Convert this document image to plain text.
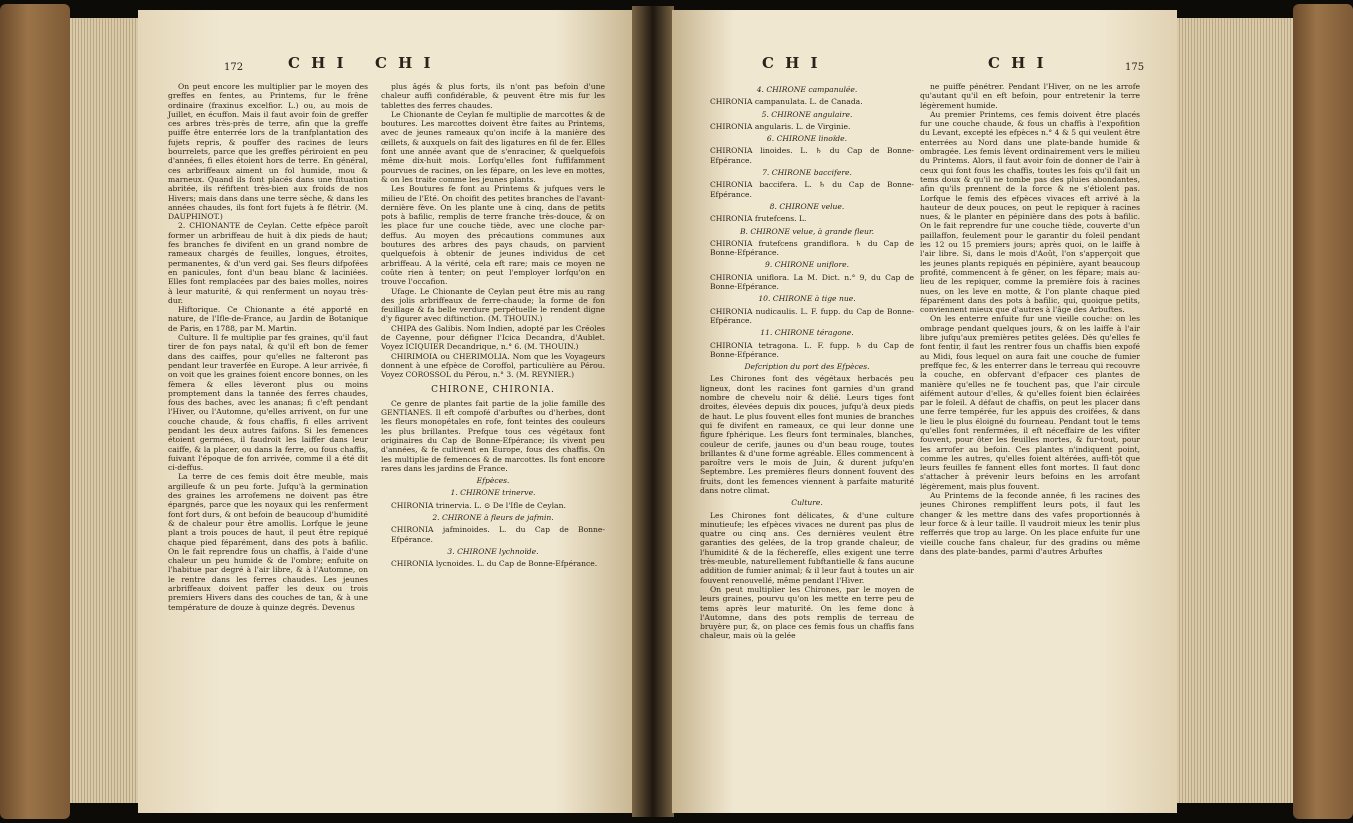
172	C H I

On peut encore les multiplier par le moyen des greffes en fentes, au Printems, fur le frêne ordinaire (fraxinus excelfior. L.) ou, au mois de Juillet, en écuffon. Mais il faut avoir foin de greffer ces arbres très-près de terre, afin que la greffe puiffe être enterrée lors de la tranfplantation des fujets repris, & pouffer des racines de leurs bourrelets, parce que les greffes périroient en peu d'années, fi elles étoient hors de terre. En général, ces arbriffeaux aiment un fol humide, mou & marneux. Quand ils font placés dans une fituation abritée, ils réfiftent très-bien aux froids de nos Hivers; mais dans dans une terre sèche, & dans les années chaudes, ils font fort fujets à fe flétrir. (M. DAUPHINOT.)

2. CHIONANTE de Ceylan. Cette efpèce paroît former un arbriffeau de huit à dix pieds de haut; fes branches fe divifent en un grand nombre de rameaux chargés de feuilles, longues, étroites, permanentes, & d'un verd gai. Ses fleurs difpofées en panicules, font d'un beau blanc & laciniées. Elles font remplacées par des baies molles, noires à leur maturité, & qui renferment un noyau très-dur.

Hiftorique. Ce Chionante a été apporté en nature, de l'Ifle-de-France, au Jardin de Botanique de Paris, en 1788, par M. Martin.

Culture. Il fe multiplie par fes graines, qu'il faut tirer de fon pays natal, & qu'il eft bon de femer dans des caiffes, pour qu'elles ne falteront pas pendant leur traverfée en Europe. A leur arrivée, fi on voit que les graines foient encore bonnes, on les fèmera & elles lèveront plus ou moins promptement dans la tannée des ferres chaudes, fous des baches, avec les ananas; fi c'eft pendant l'Hiver, ou l'Automne, qu'elles arrivent, on fur une couche chaude, & fous chaffis, fi elles arrivent pendant les deux autres faifons. Si les femences étoient germées, il faudroit les laiffer dans leur caiffe, & la placer, ou dans la ferre, ou fous chaffis, fuivant l'époque de fon arrivée, comme il a été dit ci-deffus.

La terre de ces femis doit être meuble, mais argilleufe & un peu forte. Jufqu'à la germination des graines les arrofemens ne doivent pas être épargnés, parce que les noyaux qui les renferment font fort durs, & ont befoin de beaucoup d'humidité & de chaleur pour être amollis. Lorfque le jeune plant a trois pouces de haut, il peut être repiqué chaque pied féparément, dans des pots à bafilic. On le fait reprendre fous un chaffis, à l'aide d'une chaleur un peu humide & de l'ombre; enfuite on l'habitue par degré à l'air libre, & à l'Automne, on le rentre dans les ferres chaudes. Les jeunes arbriffeaux doivent paffer les deux ou trois premiers Hivers dans des couches de tan, & à une température de douze à quinze degrés. Devenus

C H I

plus âgés & plus forts, ils n'ont pas befoin d'une chaleur auffi confidérable, & peuvent être mis fur les tablettes des ferres chaudes.

Le Chionante de Ceylan fe multiplie de marcottes & de boutures. Les marcottes doivent être faites au Printems, avec de jeunes rameaux qu'on incife à la manière des œillets, & auxquels on fait des ligatures en fil de fer. Elles font une année avant que de s'enraciner, & quelquefois même dix-huit mois. Lorfqu'elles font fuffifamment pourvues de racines, on les fépare, on les leve en mottes, & on les traite comme les jeunes plants.

Les Boutures fe font au Printems & jufques vers le milieu de l'Eté. On choifit des petites branches de l'avant-dernière fève. On les plante une à cinq, dans de petits pots à bafilic, remplis de terre franche très-douce, & on les place fur une couche tiède, avec une cloche par-deffus. Au moyen des précautions communes aux boutures des arbres des pays chauds, on parvient quelquefois à obtenir de jeunes individus de cet arbriffeau. A la vérité, cela eft rare; mais ce moyen ne coûte rien à tenter; on peut l'employer lorfqu'on en trouve l'occafion.

Ufage. Le Chionante de Ceylan peut être mis au rang des jolis arbriffeaux de ferre-chaude; la forme de fon feuillage & fa belle verdure perpétuelle le rendent digne d'y figurer avec diftinction. (M. THOUIN.)

CHIPA des Galibis. Nom Indien, adopté par les Créoles de Cayenne, pour défigner l'Icica Decandra, d'Aublet. Voyez ICIQUIER Decandrique, n.° 6. (M. THOUIN.)

CHIRIMOIA ou CHERIMOLIA. Nom que les Voyageurs donnent à une efpèce de Coroffol, particulière au Pérou. Voyez COROSSOL du Pérou, n.° 3. (M. REYNIER.)

CHIRONE, CHIRONIA.

Ce genre de plantes fait partie de la jolie famille des GENTIANES. Il eft compofé d'arbuftes ou d'herbes, dont les fleurs monopétales en rofe, font teintes des couleurs les plus brillantes. Prefque tous ces végétaux font originaires du Cap de Bonne-Efpérance; ils vivent peu d'années, & fe cultivent en Europe, fous des chaffis. On les multiplie de femences & de marcottes. Ils font encore rares dans les jardins de France.

Efpèces.

1. CHIRONE trinerve.

CHIRONIA trinervia. L. ⊙ De l'Ifle de Ceylan.

2. CHIRONE à fleurs de jafmin.

CHIRONIA jafminoides. L. du Cap de Bonne-Efpérance.

3. CHIRONE lychnoïde.

CHIRONIA lycnoides. L. du Cap de Bonne-Efpérance.

C H I

4. CHIRONE campanulée.

CHIRONIA campanulata. L. de Canada.

5. CHIRONE angulaire.

CHIRONIA angularis. L. de Virginie.

6. CHIRONE linoïde.

CHIRONIA linoides. L. ♄ du Cap de Bonne-Efpérance.

7. CHIRONE baccifere.

CHIRONIA baccifera. L. ♄ du Cap de Bonne-Efpérance.

8. CHIRONE velue.

CHIRONIA frutefcens. L.

B. CHIRONE velue, à grande fleur.

CHIRONIA frutefcens grandiflora. ♄ du Cap de Bonne-Efpérance.

9. CHIRONE uniflore.

CHIRONIA uniflora. La M. Dict. n.° 9, du Cap de Bonne-Efpérance.

10. CHIRONE à tige nue.

CHIRONIA nudicaulis. L. F. fupp. du Cap de Bonne-Efpérance.

11. CHIRONE téragone.

CHIRONIA tetragona. L. F. fupp. ♄ du Cap de Bonne-Efpérance.

Defcription du port des Efpèces.

Les Chirones font des végétaux herbacés peu ligneux, dont les racines font garnies d'un grand nombre de chevelu noir & délié. Leurs tiges font droites, élevées depuis dix pouces, jufqu'à deux pieds de haut. Le plus fouvent elles font munies de branches qui fe divifent en rameaux, ce qui leur donne une figure fphérique. Les fleurs font terminales, blanches, couleur de cerife, jaunes ou d'un beau rouge, toutes brillantes & d'une forme agréable. Elles commencent à paroître vers le mois de Juin, & durent jufqu'en Septembre. Les premières fleurs donnent fouvent des fruits, dont les femences viennent à parfaite maturité dans notre climat.

Culture.

Les Chirones font délicates, & d'une culture minutieufe; les efpèces vivaces ne durent pas plus de quatre ou cinq ans. Ces dernières veulent être garanties des gelées, de la trop grande chaleur, de l'humidité & de la fécherefſe, elles exigent une terre très-meuble, naturellement fubftantielle & fans aucune addition de fumier animal; & il leur faut à toutes un air fouvent renouvellé, même pendant l'Hiver.

On peut multiplier les Chirones, par le moyen de leurs graines, pourvu qu'on les mette en terre peu de tems après leur maturité. On les feme donc à l'Automne, dans des pots remplis de terreau de bruyère pur, &, on place ces femis fous un chaffis fans chaleur, mais où la gelée

C H I	175

ne puiffe pénétrer. Pendant l'Hiver, on ne les arrofe qu'autant qu'il en eft befoin, pour entretenir la terre légèrement humide.

Au premier Printems, ces femis doivent être placés fur une couche chaude, & fous un chaffis à l'expofition du Levant, excepté les efpèces n.° 4 & 5 qui veulent être enterrées au Nord dans une plate-bande humide & ombragée. Les femis lèvent ordinairement vers le milieu du Printems. Alors, il faut avoir foin de donner de l'air à ceux qui font fous les chaffis, toutes les fois qu'il fait un tems doux & qu'il ne tombe pas des pluies abondantes, afin qu'ils prennent de la force & ne s'étiolent pas. Lorfque le femis des efpèces vivaces eft arrivé à la hauteur de deux pouces, on peut le repiquer à racines nues, & le planter en pépinière dans des pots à bafilic. On le fait reprendre fur une couche tiède, couverte d'un paillaffon, feulement pour le garantir du foleil pendant les 12 ou 15 premiers jours; après quoi, on le laiffe à l'air libre. Si, dans le mois d'Août, l'on s'apperçoit que les jeunes plants repiqués en pépinière, ayant beaucoup profité, commencent à fe gêner, on les fépare; mais au-lieu de les repiquer, comme la première fois à racines nues, on les leve en motte, & l'on plante chaque pied féparément dans des pots à bafilic, qui, quoique petits, conviennent mieux que d'autres à l'âge des Arbuftes.

On les enterre enfuite fur une vieille couche: on les ombrage pendant quelques jours, & on les laiffe à l'air libre jufqu'aux premières petites gelées. Dès qu'elles fe font fentir, il faut les rentrer fous un chaffis bien expofé au Midi, fous lequel on aura fait une couche de fumier preffque fec, & les enterrer dans le terreau qui recouvre la couche, en obfervant d'efpacer ces plantes de manière qu'elles ne fe touchent pas, que l'air circule aifément autour d'elles, & qu'elles foient bien éclairées par le foleil. A défaut de chaffis, on peut les placer dans une ferre tempérée, fur les appuis des croifées, & dans le lieu le plus éloigné du fourneau. Pendant tout le tems qu'elles font renfermées, il eft néceffaire de les vifiter fouvent, pour ôter les feuilles mortes, & fur-tout, pour les arrofer au befoin. Ces plantes n'indiquent point, comme les autres, qu'elles foient altérées, auffi-tôt que leurs feuilles fe fannent elles font mortes. Il faut donc s'attacher à prévenir leurs befoins en les arrofant légèrement, mais plus fouvent.

Au Printems de la feconde année, fi les racines des jeunes Chirones rempliffent leurs pots, il faut les changer & les mettre dans des vafes proportionnés à leur force & à leur taille. Il vaudroit mieux les tenir plus refferrés que trop au large. On les place enfuite fur une vieille couche fans chaleur, fur des gradins ou même dans des plate-bandes, parmi d'autres Arbuftes
